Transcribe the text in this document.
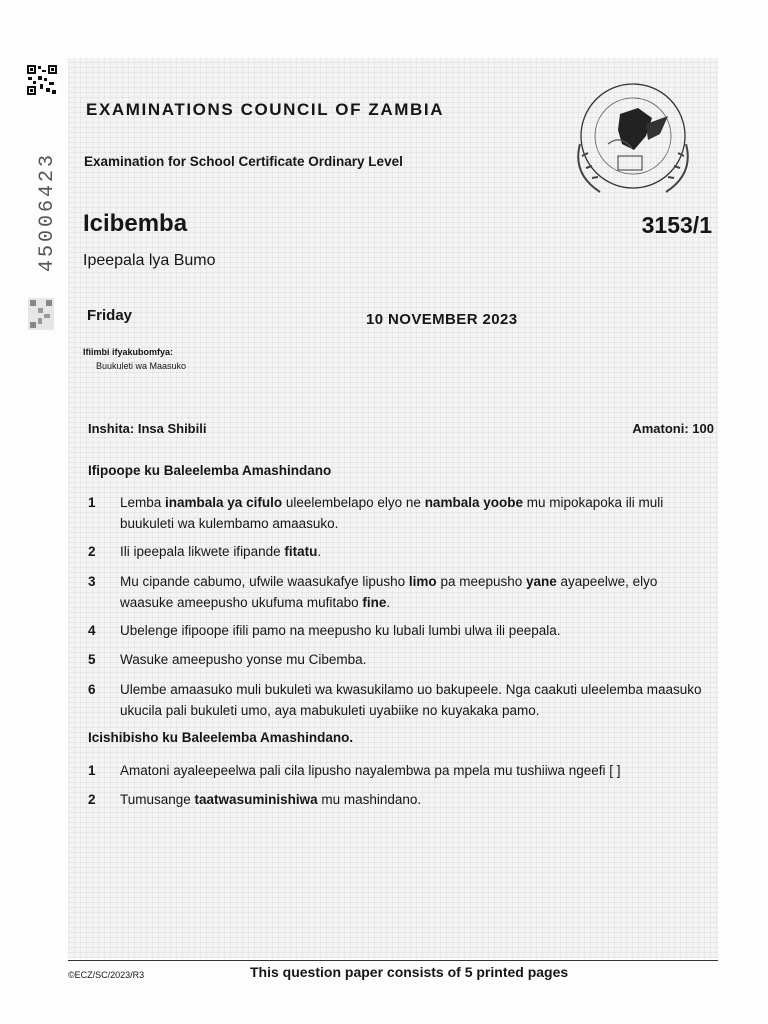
45006423
EXAMINATIONS COUNCIL OF ZAMBIA
Examination for School Certificate Ordinary Level
Icibemba	3153/1
Ipeepala lya Bumo
Friday	10 NOVEMBER 2023
Ifiimbi ifyakubomfya:
Buukuleti wa Maasuko
Inshita: Insa Shibili	Amatoni: 100
Ifipoope ku Baleelemba Amashindano
1	Lemba inambala ya cifulo uleelembelapo elyo ne nambala yoobe mu mipokapoka ili muli buukuleti wa kulembamo amaasuko.
2	Ili ipeepala likwete ifipande fitatu.
3	Mu cipande cabumo, ufwile waasukafye lipusho limo pa meepusho yane ayapeelwe, elyo waasuke ameepusho ukufuma mufitabo fine.
4	Ubelenge ifipoope ifili pamo na meepusho ku lubali lumbi ulwa ili peepala.
5	Wasuke ameepusho yonse mu Cibemba.
6	Ulembe amaasuko muli bukuleti wa kwasukilamo uo bakupeele. Nga caakuti uleelemba maasuko ukucila pali bukuleti umo, aya mabukuleti uyabiike no kuyakaka pamo.
Icishibisho ku Baleelemba Amashindano.
1	Amatoni ayaleepeelwa pali cila lipusho nayalembwa pa mpela mu tushiiwa ngeefi [ ]
2	Tumusange taatwasuminishiwa mu mashindano.
©ECZ/SC/2023/R3	This question paper consists of 5 printed pages
